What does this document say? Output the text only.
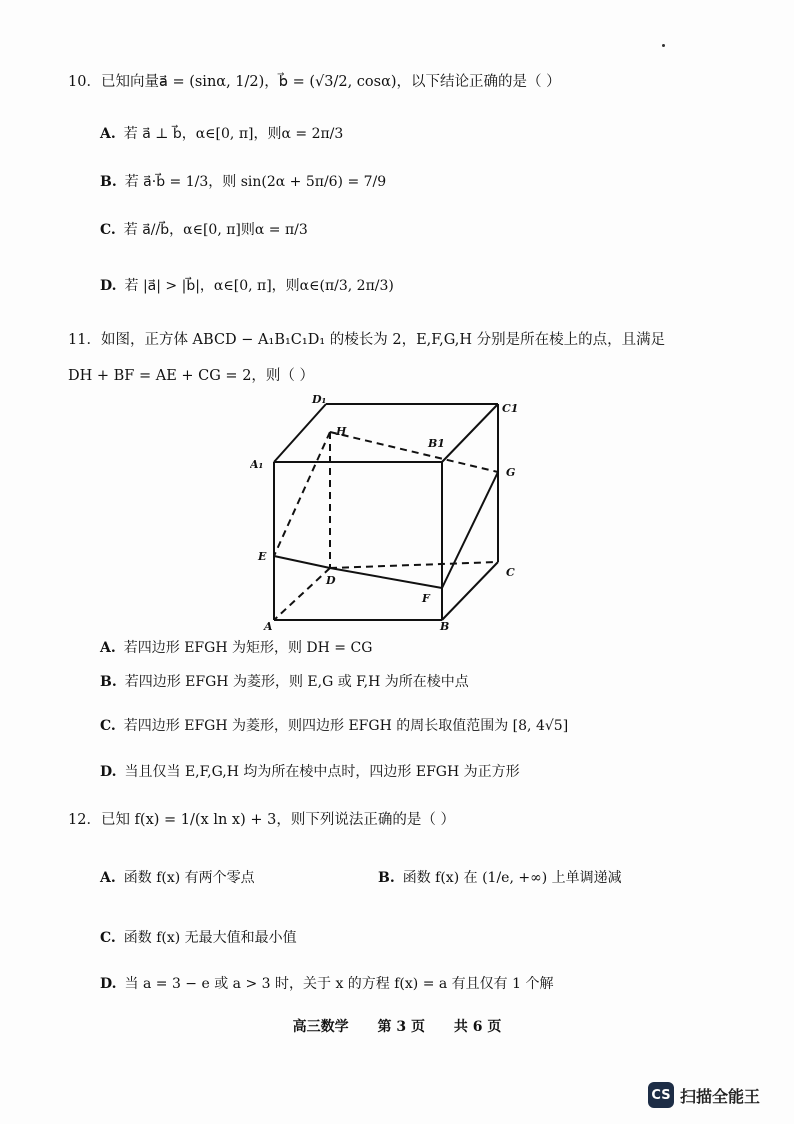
10．已知向量a⃗ = (sinα, 1/2)，b⃗ = (√3/2, cosα)，以下结论正确的是（ ）
A. 若 a⃗ ⊥ b⃗，α∈[0, π]，则α = 2π/3
B. 若 a⃗·b⃗ = 1/3，则 sin(2α + 5π/6) = 7/9
C. 若 a⃗//b⃗，α∈[0, π]则α = π/3
D. 若 |a⃗| > |b⃗|，α∈[0, π]，则α∈(π/3, 2π/3)
11．如图，正方体 ABCD − A₁B₁C₁D₁ 的棱长为 2，E,F,G,H 分别是所在棱上的点，且满足
DH + BF = AE + CG = 2，则（ ）
D₁
C1
H
B1
A₁
G
E
D
C
F
A	B
A. 若四边形 EFGH 为矩形，则 DH = CG
B. 若四边形 EFGH 为菱形，则 E,G 或 F,H 为所在棱中点
C. 若四边形 EFGH 为菱形，则四边形 EFGH 的周长取值范围为 [8, 4√5]
D. 当且仅当 E,F,G,H 均为所在棱中点时，四边形 EFGH 为正方形
12．已知 f(x) = 1/(x ln x) + 3，则下列说法正确的是（ ）
A. 函数 f(x) 有两个零点	B. 函数 f(x) 在 (1/e, +∞) 上单调递减
C. 函数 f(x) 无最大值和最小值
D. 当 a = 3 − e 或 a > 3 时，关于 x 的方程 f(x) = a 有且仅有 1 个解
高三数学 第 3 页 共 6 页
CS 扫描全能王
